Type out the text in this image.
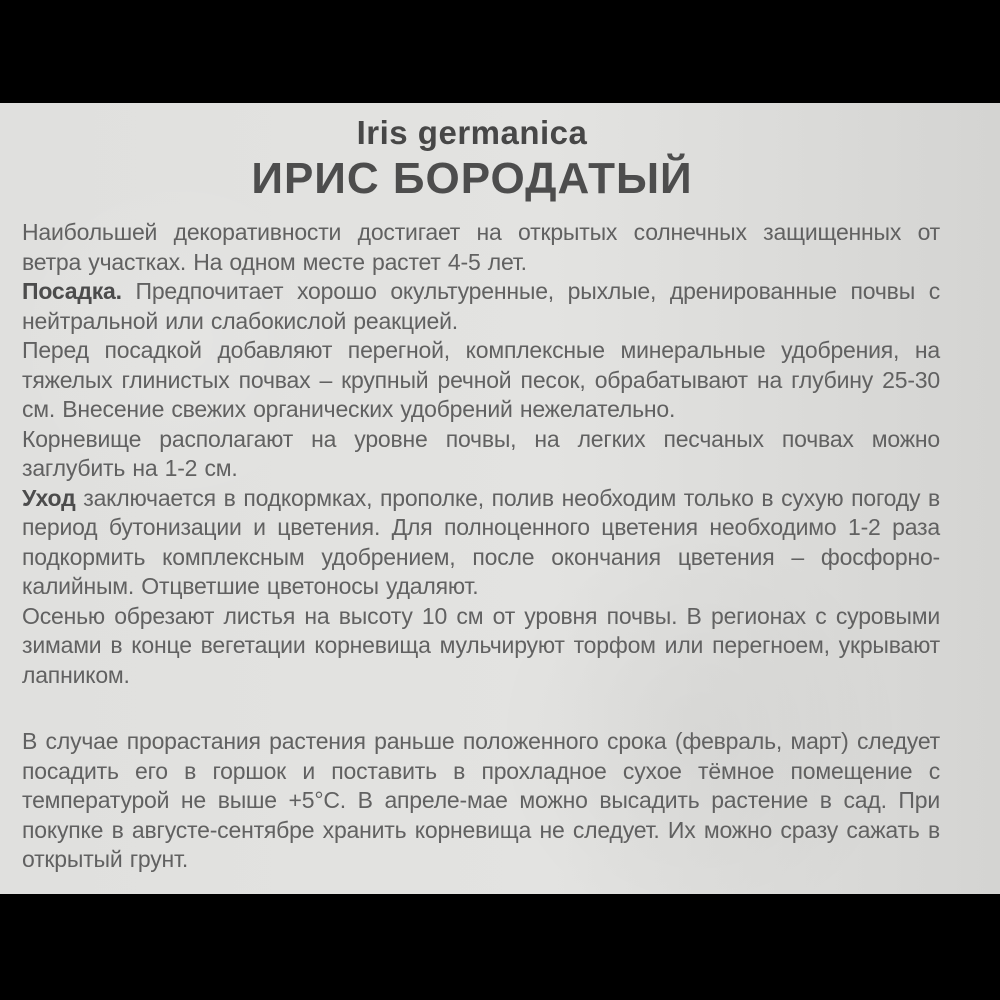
Iris germanica
ИРИС БОРОДАТЫЙ

Наибольшей декоративности достигает на открытых солнечных защищенных от ветра участках. На одном месте растет 4-5 лет.

Посадка. Предпочитает хорошо окультуренные, рыхлые, дренированные почвы с нейтральной или слабокислой реакцией.

Перед посадкой добавляют перегной, комплексные минеральные удобрения, на тяжелых глинистых почвах – крупный речной песок, обрабатывают на глубину 25-30 см. Внесение свежих органических удобрений нежелательно.

Корневище располагают на уровне почвы, на легких песчаных почвах можно заглубить на 1-2 см.

Уход заключается в подкормках, прополке, полив необходим только в сухую погоду в период бутонизации и цветения. Для полноценного цветения необходимо 1-2 раза подкормить комплексным удобрением, после окончания цветения – фосфорно-калийным. Отцветшие цветоносы удаляют.

Осенью обрезают листья на высоту 10 см от уровня почвы. В регионах с суровыми зимами в конце вегетации корневища мульчируют торфом или перегноем, укрывают лапником.

В случае прорастания растения раньше положенного срока (февраль, март) следует посадить его в горшок и поставить в прохладное сухое тёмное помещение с температурой не выше +5°С. В апреле-мае можно высадить растение в сад. При покупке в августе-сентябре хранить корневища не следует. Их можно сразу сажать в открытый грунт.
